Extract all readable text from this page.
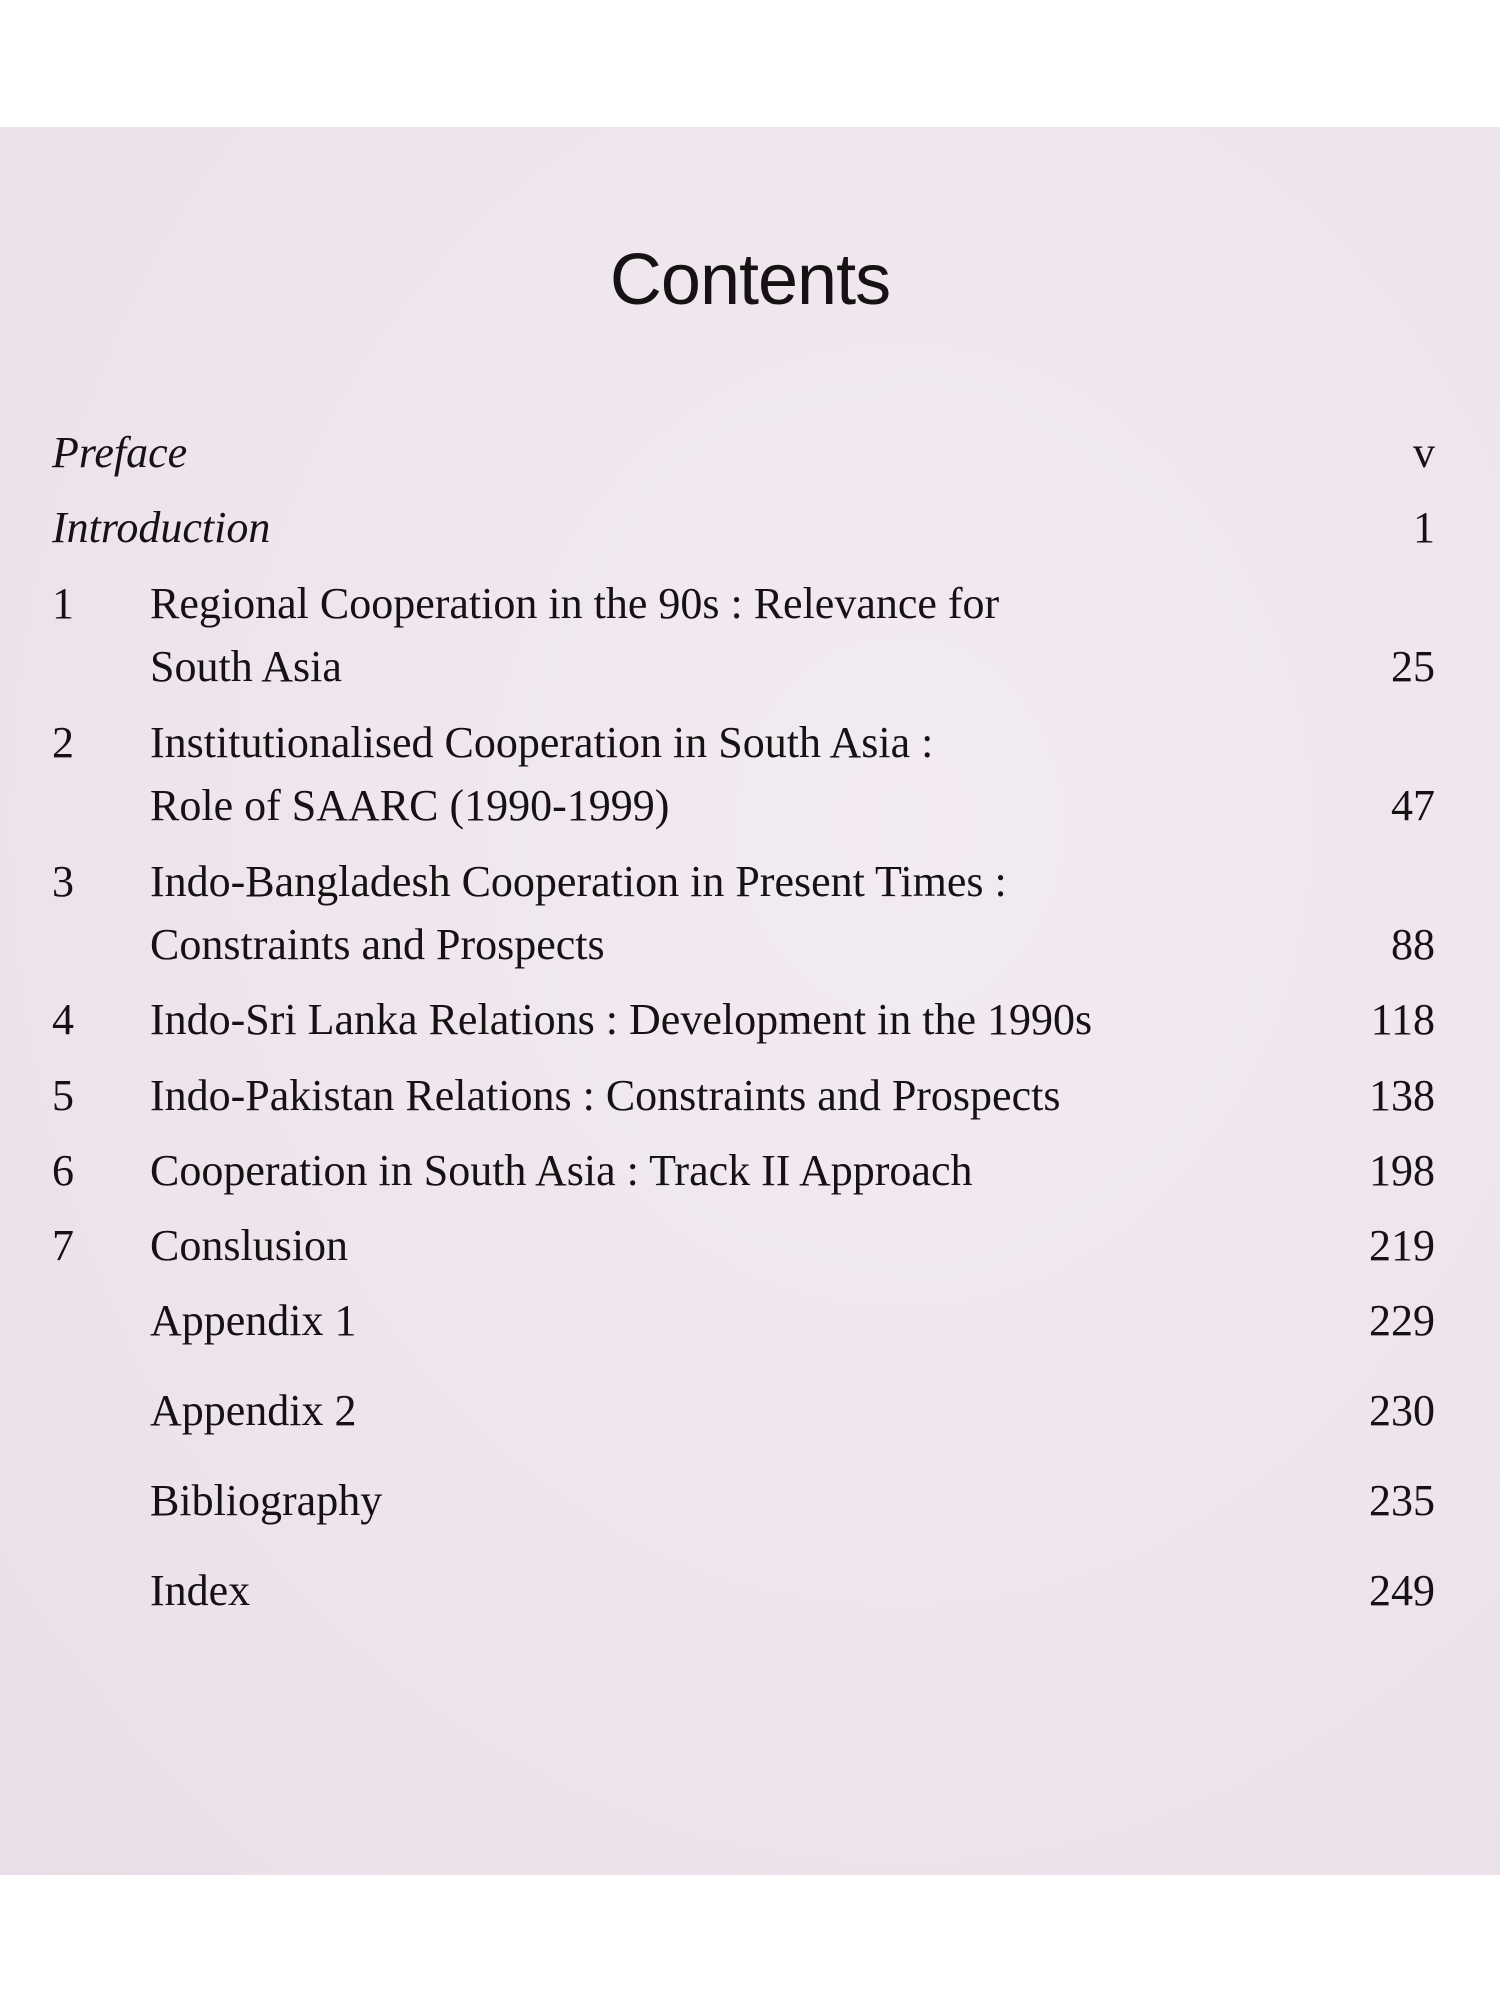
Contents
Preface	v
Introduction	1
1 Regional Cooperation in the 90s : Relevance for
South Asia	25
2 Institutionalised Cooperation in South Asia :
Role of SAARC (1990-1999)	47
3 Indo-Bangladesh Cooperation in Present Times :
Constraints and Prospects	88
4 Indo-Sri Lanka Relations : Development in the 1990s	118
5 Indo-Pakistan Relations : Constraints and Prospects	138
6 Cooperation in South Asia : Track II Approach	198
7 Conslusion	219
Appendix 1	229
Appendix 2	230
Bibliography	235
Index	249
